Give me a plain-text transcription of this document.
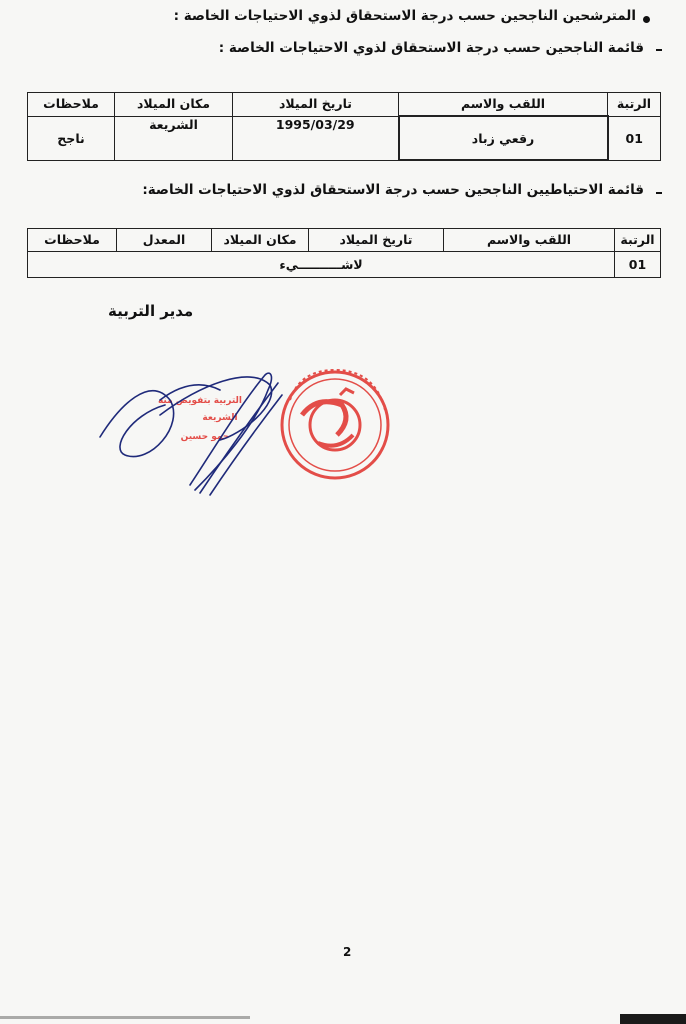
المترشحين الناجحين حسب درجة الاستحقاق لذوي الاحتياجات الخاصة :
قائمة الناجحين حسب درجة الاستحقاق لذوي الاحتياجات الخاصة :
الرتبة	اللقب والاسم	تاريخ الميلاد	مكان الميلاد	ملاحظات
01	رقعي زباد	1995/03/29	الشريعة	ناجح
قائمة الاحتياطيين الناجحين حسب درجة الاستحقاق لذوي الاحتياجات الخاصة:
الرتبة	اللقب والاسم	تاريخ الميلاد	مكان الميلاد	المعدل	ملاحظات
01	لاشــــــــــيء				
مدير التربية
التربية بتفويض منه
الشريعة
حمو حسين
2
